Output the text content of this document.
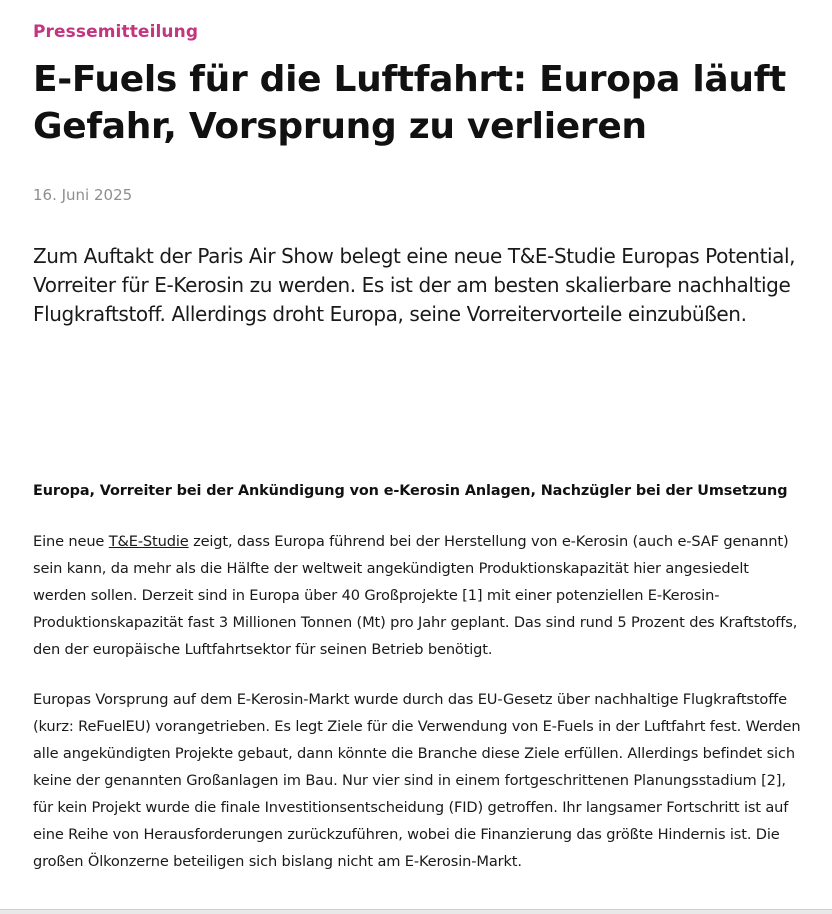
Pressemitteilung
E-Fuels für die Luftfahrt: Europa läuft Gefahr, Vorsprung zu verlieren
16. Juni 2025

Zum Auftakt der Paris Air Show belegt eine neue T&E-Studie Europas Potential, Vorreiter für E-Kerosin zu werden. Es ist der am besten skalierbare nachhaltige Flugkraftstoff. Allerdings droht Europa, seine Vorreitervorteile einzubüßen.

Europa, Vorreiter bei der Ankündigung von e-Kerosin Anlagen, Nachzügler bei der Umsetzung

Eine neue T&E-Studie zeigt, dass Europa führend bei der Herstellung von e-Kerosin (auch e-SAF genannt) sein kann, da mehr als die Hälfte der weltweit angekündigten Produktionskapazität hier angesiedelt werden sollen. Derzeit sind in Europa über 40 Großprojekte [1] mit einer potenziellen E-Kerosin-Produktionskapazität fast 3 Millionen Tonnen (Mt) pro Jahr geplant. Das sind rund 5 Prozent des Kraftstoffs, den der europäische Luftfahrtsektor für seinen Betrieb benötigt.

Europas Vorsprung auf dem E-Kerosin-Markt wurde durch das EU-Gesetz über nachhaltige Flugkraftstoffe (kurz: ReFuelEU) vorangetrieben. Es legt Ziele für die Verwendung von E-Fuels in der Luftfahrt fest. Werden alle angekündigten Projekte gebaut, dann könnte die Branche diese Ziele erfüllen. Allerdings befindet sich keine der genannten Großanlagen im Bau. Nur vier sind in einem fortgeschrittenen Planungsstadium [2], für kein Projekt wurde die finale Investitionsentscheidung (FID) getroffen. Ihr langsamer Fortschritt ist auf eine Reihe von Herausforderungen zurückzuführen, wobei die Finanzierung das größte Hindernis ist. Die großen Ölkonzerne beteiligen sich bislang nicht am E-Kerosin-Markt.
